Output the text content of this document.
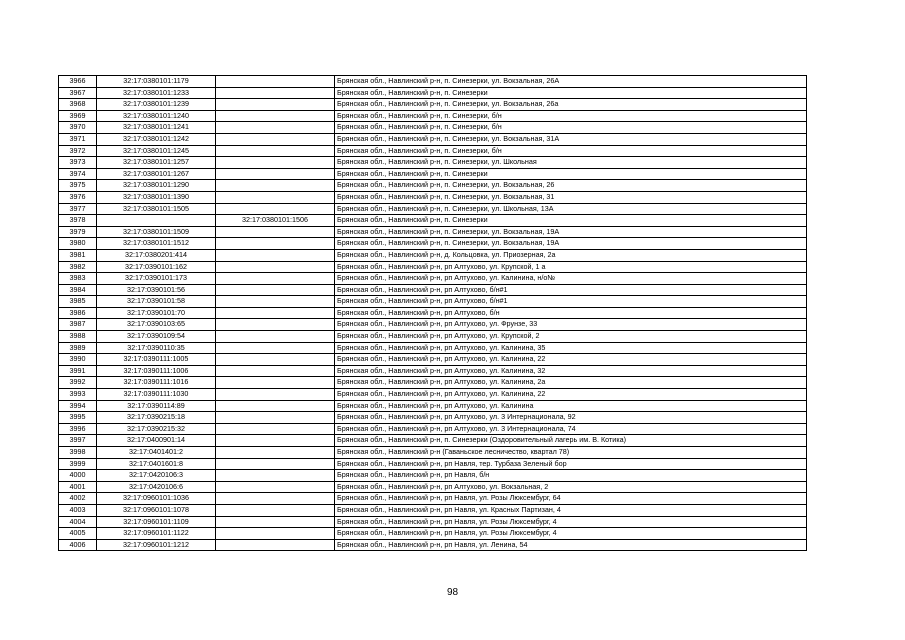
3966	32:17:0380101:1179		Брянская обл., Навлинский р-н, п. Синезерки, ул. Вокзальная, 26А
3967	32:17:0380101:1233		Брянская обл., Навлинский р-н, п. Синезерки
3968	32:17:0380101:1239		Брянская обл., Навлинский р-н, п. Синезерки, ул. Вокзальная, 26а
3969	32:17:0380101:1240		Брянская обл., Навлинский р-н, п. Синезерки, б/н
3970	32:17:0380101:1241		Брянская обл., Навлинский р-н, п. Синезерки, б/н
3971	32:17:0380101:1242		Брянская обл., Навлинский р-н, п. Синезерки, ул. Вокзальная, 31А
3972	32:17:0380101:1245		Брянская обл., Навлинский р-н, п. Синезерки, б/н
3973	32:17:0380101:1257		Брянская обл., Навлинский р-н, п. Синезерки, ул. Школьная
3974	32:17:0380101:1267		Брянская обл., Навлинский р-н, п. Синезерки
3975	32:17:0380101:1290		Брянская обл., Навлинский р-н, п. Синезерки, ул. Вокзальная, 26
3976	32:17:0380101:1390		Брянская обл., Навлинский р-н, п. Синезерки, ул. Вокзальная, 31
3977	32:17:0380101:1505		Брянская обл., Навлинский р-н, п. Синезерки, ул. Школьная, 13А
3978		32:17:0380101:1506	Брянская обл., Навлинский р-н, п. Синезерки
3979	32:17:0380101:1509		Брянская обл., Навлинский р-н, п. Синезерки, ул. Вокзальная, 19А
3980	32:17:0380101:1512		Брянская обл., Навлинский р-н, п. Синезерки, ул. Вокзальная, 19А
3981	32:17:0380201:414		Брянская обл., Навлинский р-н, д. Кольцовка, ул. Приозерная, 2а
3982	32:17:0390101:162		Брянская обл., Навлинский р-н, рп Алтухово, ул. Крупской, 1 а
3983	32:17:0390101:173		Брянская обл., Навлинский р-н, рп Алтухово, ул. Калинина, н/о№
3984	32:17:0390101:56		Брянская обл., Навлинский р-н, рп Алтухово, б/н#1
3985	32:17:0390101:58		Брянская обл., Навлинский р-н, рп Алтухово, б/н#1
3986	32:17:0390101:70		Брянская обл., Навлинский р-н, рп Алтухово, б/н
3987	32:17:0390103:65		Брянская обл., Навлинский р-н, рп Алтухово, ул. Фрунзе, 33
3988	32:17:0390109:54		Брянская обл., Навлинский р-н, рп Алтухово, ул. Крупской, 2
3989	32:17:0390110:35		Брянская обл., Навлинский р-н, рп Алтухово, ул. Калинина, 35
3990	32:17:0390111:1005		Брянская обл., Навлинский р-н, рп Алтухово, ул. Калинина, 22
3991	32:17:0390111:1006		Брянская обл., Навлинский р-н, рп Алтухово, ул. Калинина, 32
3992	32:17:0390111:1016		Брянская обл., Навлинский р-н, рп Алтухово, ул. Калинина, 2а
3993	32:17:0390111:1030		Брянская обл., Навлинский р-н, рп Алтухово, ул. Калинина, 22
3994	32:17:0390114:89		Брянская обл., Навлинский р-н, рп Алтухово, ул. Калинина
3995	32:17:0390215:18		Брянская обл., Навлинский р-н, рп Алтухово, ул. 3 Интернационала, 92
3996	32:17:0390215:32		Брянская обл., Навлинский р-н, рп Алтухово, ул. 3 Интернационала, 74
3997	32:17:0400901:14		Брянская обл., Навлинский р-н, п. Синезерки (Оздоровительный лагерь им. В. Котика)
3998	32:17:0401401:2		Брянская обл., Навлинский р-н (Гаваньское лесничество, квартал 78)
3999	32:17:0401601:8		Брянская обл., Навлинский р-н, рп Навля, тер. Турбаза Зеленый бор
4000	32:17:0420106:3		Брянская обл., Навлинский р-н, рп Навля, б/н
4001	32:17:0420106:6		Брянская обл., Навлинский р-н, рп Алтухово, ул. Вокзальная, 2
4002	32:17:0960101:1036		Брянская обл., Навлинский р-н, рп Навля, ул. Розы Люксембург, 64
4003	32:17:0960101:1078		Брянская обл., Навлинский р-н, рп Навля, ул. Красных Партизан, 4
4004	32:17:0960101:1109		Брянская обл., Навлинский р-н, рп Навля, ул. Розы Люксембург, 4
4005	32:17:0960101:1122		Брянская обл., Навлинский р-н, рп Навля, ул. Розы Люксембург, 4
4006	32:17:0960101:1212		Брянская обл., Навлинский р-н, рп Навля, ул. Ленина, 54
98
